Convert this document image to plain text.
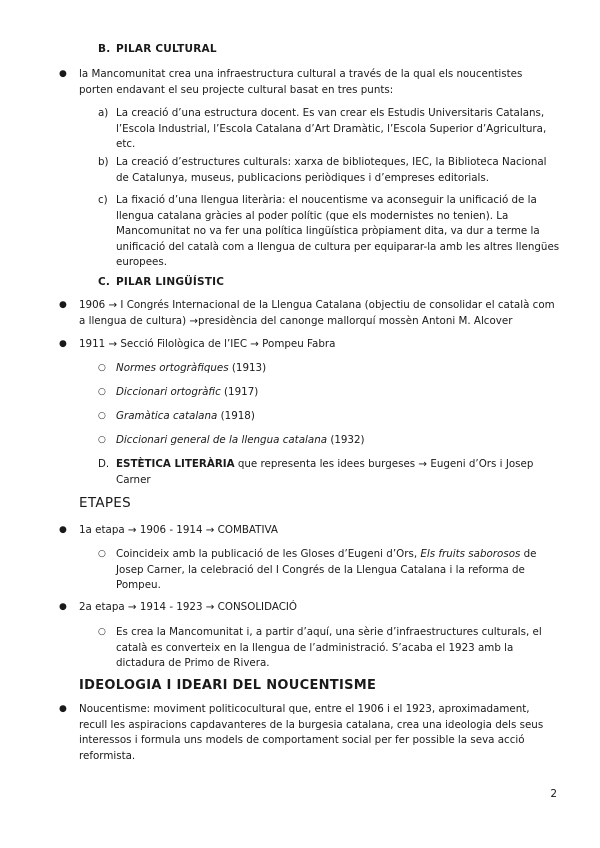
B. PILAR CULTURAL
●	la Mancomunitat crea una infraestructura cultural a través de la qual els noucentistes porten endavant el seu projecte cultural basat en tres punts:
a) La creació d’una estructura docent. Es van crear els Estudis Universitaris Catalans, l’Escola Industrial, l’Escola Catalana d’Art Dramàtic, l’Escola Superior d’Agricultura, etc.
b) La creació d’estructures culturals: xarxa de biblioteques, IEC, la Biblioteca Nacional de Catalunya, museus, publicacions periòdiques i d’empreses editorials.
c) La fixació d’una llengua literària: el noucentisme va aconseguir la unificació de la llengua catalana gràcies al poder polític (que els modernistes no tenien). La Mancomunitat no va fer una política lingüística pròpiament dita, va dur a terme la unificació del català com a llengua de cultura per equiparar-la amb les altres llengües europees.
C. PILAR LINGÜÍSTIC
●	1906 → I Congrés Internacional de la Llengua Catalana (objectiu de consolidar el català com a llengua de cultura) →presidència del canonge mallorquí mossèn Antoni M. Alcover
●	1911 → Secció Filològica de l’IEC → Pompeu Fabra
○ Normes ortogràfiques (1913)
○ Diccionari ortogràfic (1917)
○ Gramàtica catalana (1918)
○ Diccionari general de la llengua catalana (1932)
D. ESTÈTICA LITERÀRIA que representa les idees burgeses → Eugeni d’Ors i Josep Carner
ETAPES
●	1a etapa → 1906 - 1914 → COMBATIVA
○ Coincideix amb la publicació de les Gloses d’Eugeni d’Ors, Els fruits saborosos de Josep Carner, la celebració del I Congrés de la Llengua Catalana i la reforma de Pompeu.
●	2a etapa → 1914 - 1923 → CONSOLIDACIÓ
○ Es crea la Mancomunitat i, a partir d’aquí, una sèrie d’infraestructures culturals, el català es converteix en la llengua de l’administració. S’acaba el 1923 amb la dictadura de Primo de Rivera.
IDEOLOGIA I IDEARI DEL NOUCENTISME
●	Noucentisme: moviment politicocultural que, entre el 1906 i el 1923, aproximadament, recull les aspiracions capdavanteres de la burgesia catalana, crea una ideologia dels seus interessos i formula uns models de comportament social per fer possible la seva acció reformista.
2
